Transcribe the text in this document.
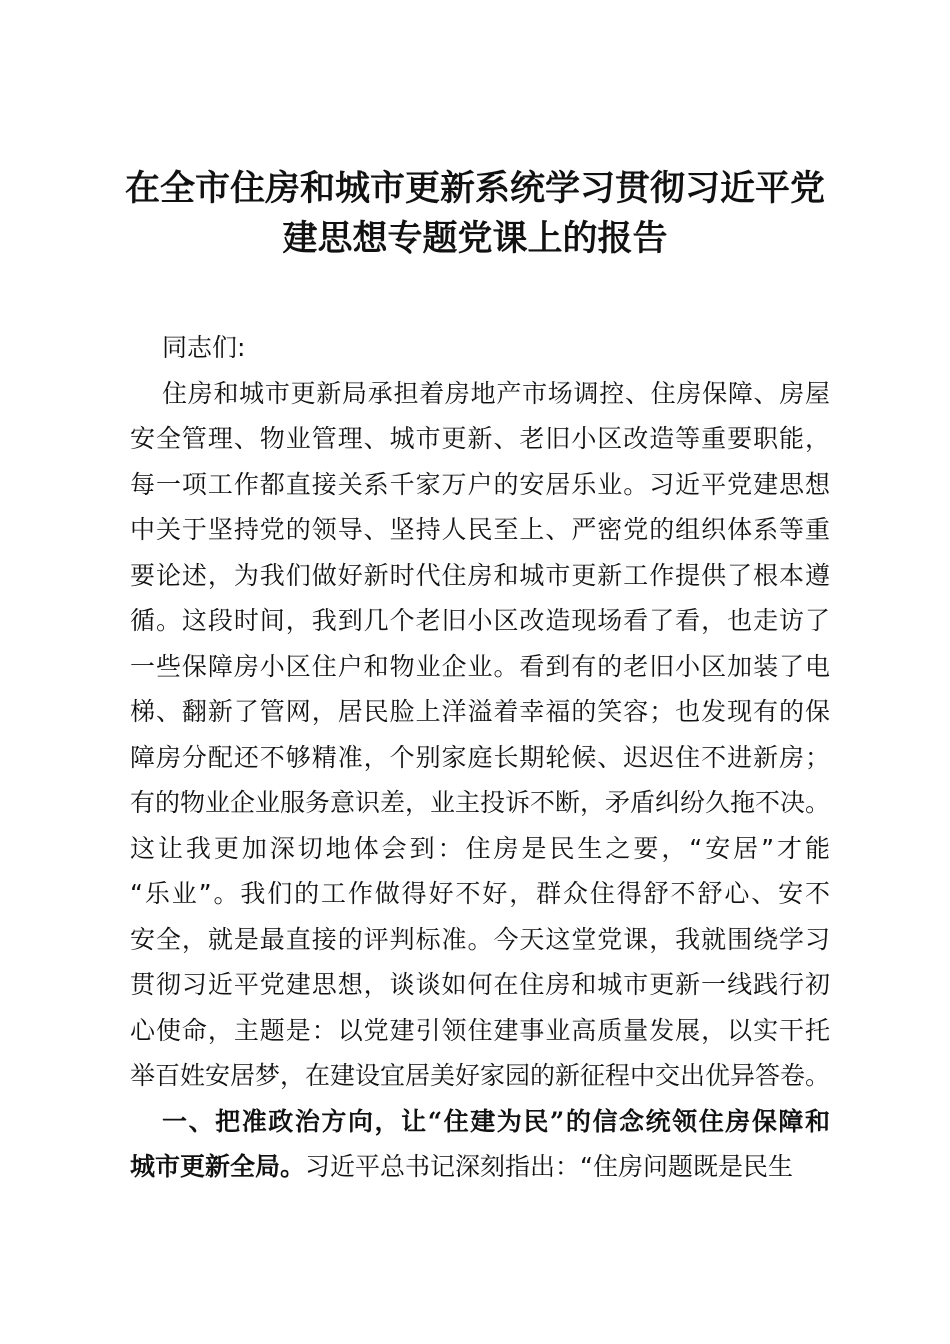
在全市住房和城市更新系统学习贯彻习近平党
建思想专题党课上的报告
同志们:
住房和城市更新局承担着房地产市场调控、住房保障、房屋
安全管理、物业管理、城市更新、老旧小区改造等重要职能，
每一项工作都直接关系千家万户的安居乐业。习近平党建思想
中关于坚持党的领导、坚持人民至上、严密党的组织体系等重
要论述，为我们做好新时代住房和城市更新工作提供了根本遵
循。这段时间，我到几个老旧小区改造现场看了看，也走访了
一些保障房小区住户和物业企业。看到有的老旧小区加装了电
梯、翻新了管网，居民脸上洋溢着幸福的笑容；也发现有的保
障房分配还不够精准，个别家庭长期轮候、迟迟住不进新房；
有的物业企业服务意识差，业主投诉不断，矛盾纠纷久拖不决。
这让我更加深切地体会到：住房是民生之要，“安居”才能
“乐业”。我们的工作做得好不好，群众住得舒不舒心、安不
安全，就是最直接的评判标准。今天这堂党课，我就围绕学习
贯彻习近平党建思想，谈谈如何在住房和城市更新一线践行初
心使命，主题是：以党建引领住建事业高质量发展，以实干托
举百姓安居梦，在建设宜居美好家园的新征程中交出优异答卷。
一、把准政治方向，让“住建为民”的信念统领住房保障和
城市更新全局。习近平总书记深刻指出：“住房问题既是民生
